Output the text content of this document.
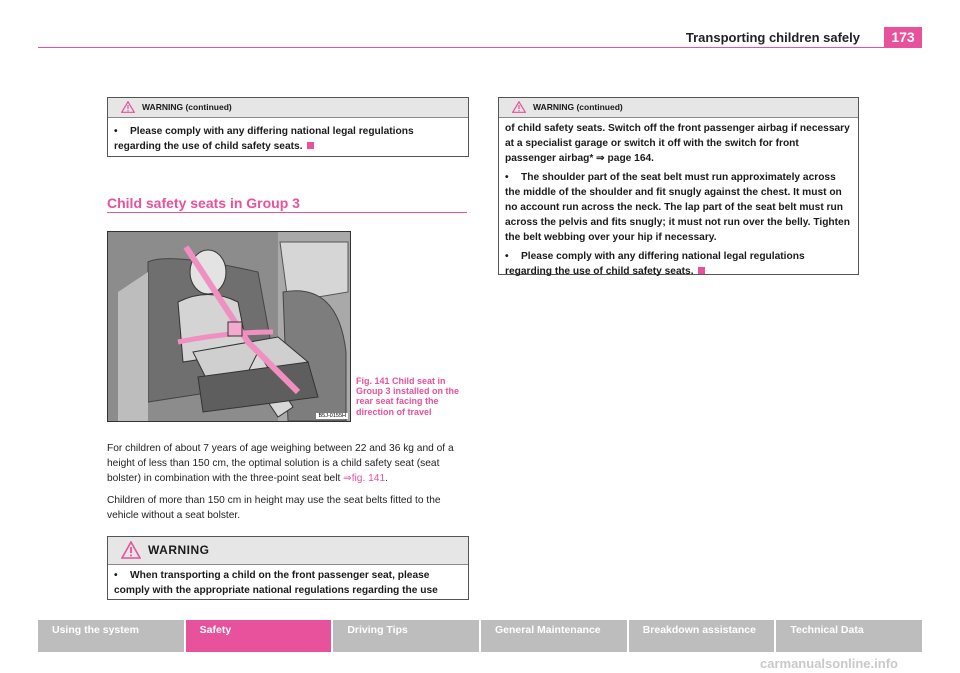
Transporting children safely	173
WARNING (continued)

• Please comply with any differing national legal regulations regarding the use of child safety seats.

Child safety seats in Group 3
B5J-0155H
Fig. 141 Child seat in Group 3 installed on the rear seat facing the direction of travel
For children of about 7 years of age weighing between 22 and 36 kg and of a height of less than 150 cm, the optimal solution is a child safety seat (seat bolster) in combination with the three-point seat belt ⇒fig. 141.
Children of more than 150 cm in height may use the seat belts fitted to the vehicle without a seat bolster.
WARNING

• When transporting a child on the front passenger seat, please comply with the appropriate national regulations regarding the use

WARNING (continued)

of child safety seats. Switch off the front passenger airbag if necessary at a specialist garage or switch it off with the switch for front passenger airbag* ⇒ page 164.

• The shoulder part of the seat belt must run approximately across the middle of the shoulder and fit snugly against the chest. It must on no account run across the neck. The lap part of the seat belt must run across the pelvis and fits snugly; it must not run over the belly. Tighten the belt webbing over your hip if necessary.

• Please comply with any differing national legal regulations regarding the use of child safety seats.

Using the system	Safety	Driving Tips	General Maintenance	Breakdown assistance	Technical Data
carmanualsonline.info
